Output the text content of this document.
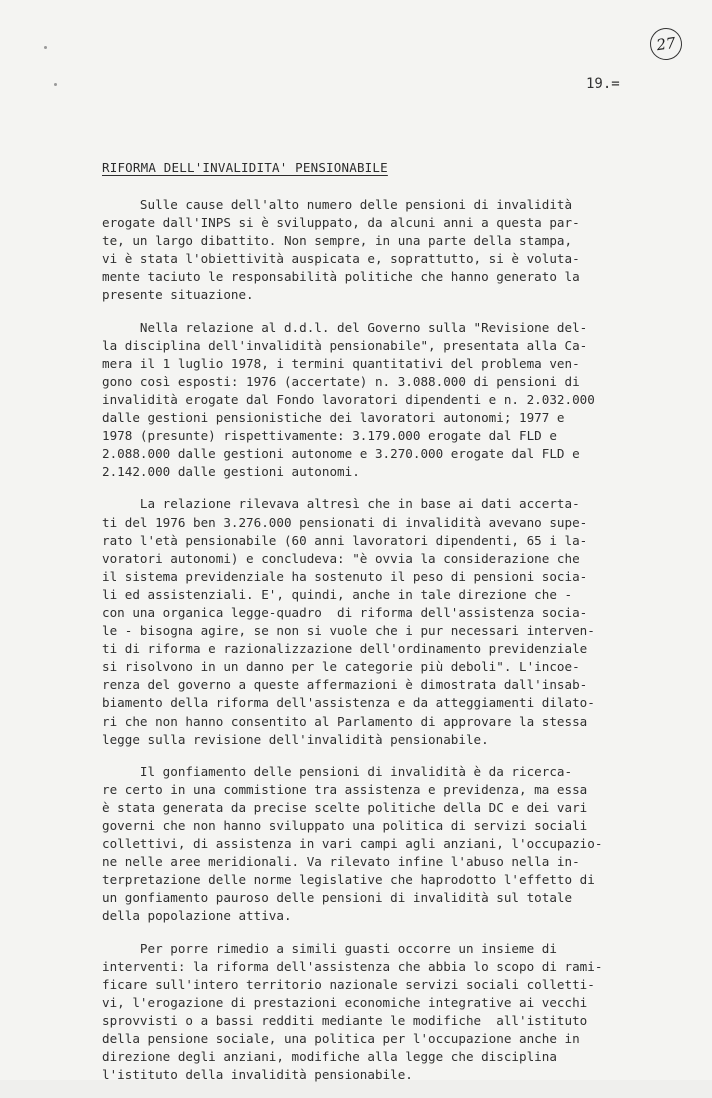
27
19.=
RIFORMA DELL'INVALIDITA' PENSIONABILE

Sulle cause dell'alto numero delle pensioni di invalidità
erogate dall'INPS si è sviluppato, da alcuni anni a questa par-
te, un largo dibattito. Non sempre, in una parte della stampa,
vi è stata l'obiettività auspicata e, soprattutto, si è voluta-
mente taciuto le responsabilità politiche che hanno generato la
presente situazione.

Nella relazione al d.d.l. del Governo sulla "Revisione del-
la disciplina dell'invalidità pensionabile", presentata alla Ca-
mera il 1 luglio 1978, i termini quantitativi del problema ven-
gono così esposti: 1976 (accertate) n. 3.088.000 di pensioni di
invalidità erogate dal Fondo lavoratori dipendenti e n. 2.032.000
dalle gestioni pensionistiche dei lavoratori autonomi; 1977 e
1978 (presunte) rispettivamente: 3.179.000 erogate dal FLD e
2.088.000 dalle gestioni autonome e 3.270.000 erogate dal FLD e
2.142.000 dalle gestioni autonomi.

La relazione rilevava altresì che in base ai dati accerta-
ti del 1976 ben 3.276.000 pensionati di invalidità avevano supe-
rato l'età pensionabile (60 anni lavoratori dipendenti, 65 i la-
voratori autonomi) e concludeva: "è ovvia la considerazione che
il sistema previdenziale ha sostenuto il peso di pensioni socia-
li ed assistenziali. E', quindi, anche in tale direzione che -
con una organica legge-quadro  di riforma dell'assistenza socia-
le - bisogna agire, se non si vuole che i pur necessari interven-
ti di riforma e razionalizzazione dell'ordinamento previdenziale
si risolvono in un danno per le categorie più deboli". L'incoe-
renza del governo a queste affermazioni è dimostrata dall'insab-
biamento della riforma dell'assistenza e da atteggiamenti dilato-
ri che non hanno consentito al Parlamento di approvare la stessa
legge sulla revisione dell'invalidità pensionabile.

Il gonfiamento delle pensioni di invalidità è da ricerca-
re certo in una commistione tra assistenza e previdenza, ma essa
è stata generata da precise scelte politiche della DC e dei vari
governi che non hanno sviluppato una politica di servizi sociali
collettivi, di assistenza in vari campi agli anziani, l'occupazio-
ne nelle aree meridionali. Va rilevato infine l'abuso nella in-
terpretazione delle norme legislative che haprodotto l'effetto di
un gonfiamento pauroso delle pensioni di invalidità sul totale
della popolazione attiva.

Per porre rimedio a simili guasti occorre un insieme di
interventi: la riforma dell'assistenza che abbia lo scopo di rami-
ficare sull'intero territorio nazionale servizi sociali colletti-
vi, l'erogazione di prestazioni economiche integrative ai vecchi
sprovvisti o a bassi redditi mediante le modifiche  all'istituto
della pensione sociale, una politica per l'occupazione anche in
direzione degli anziani, modifiche alla legge che disciplina
l'istituto della invalidità pensionabile.
